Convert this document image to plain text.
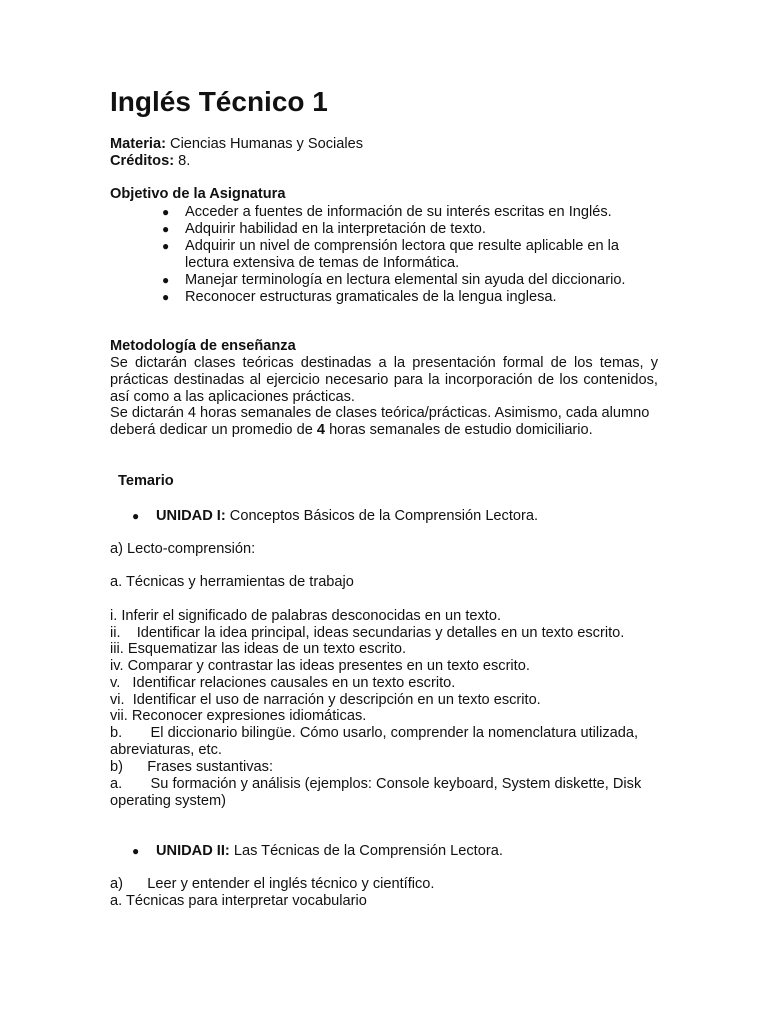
Inglés Técnico 1
Materia: Ciencias Humanas y Sociales
Créditos: 8.
Objetivo de la Asignatura
● Acceder a fuentes de información de su interés escritas en Inglés.
● Adquirir habilidad en la interpretación de texto.
● Adquirir un nivel de comprensión lectora que resulte aplicable en la lectura extensiva de temas de Informática.
● Manejar terminología en lectura elemental sin ayuda del diccionario.
● Reconocer estructuras gramaticales de la lengua inglesa.
Metodología de enseñanza

Se dictarán clases teóricas destinadas a la presentación formal de los temas, y prácticas destinadas al ejercicio necesario para la incorporación de los contenidos, así como a las aplicaciones prácticas.

Se dictarán 4 horas semanales de clases teórica/prácticas. Asimismo, cada alumno deberá dedicar un promedio de 4 horas semanales de estudio domiciliario.

Temario
● UNIDAD I: Conceptos Básicos de la Comprensión Lectora.
a) Lecto-comprensión:
a. Técnicas y herramientas de trabajo
i. Inferir el significado de palabras desconocidas en un texto.
ii.    Identificar la idea principal, ideas secundarias y detalles en un texto escrito.
iii. Esquematizar las ideas de un texto escrito.
iv. Comparar y contrastar las ideas presentes en un texto escrito.
v.   Identificar relaciones causales en un texto escrito.
vi.  Identificar el uso de narración y descripción en un texto escrito.
vii. Reconocer expresiones idiomáticas.
b.       El diccionario bilingüe. Cómo usarlo, comprender la nomenclatura utilizada, abreviaturas, etc.
b)      Frases sustantivas:
a.       Su formación y análisis (ejemplos: Console keyboard, System diskette, Disk operating system)
● UNIDAD II: Las Técnicas de la Comprensión Lectora.
a)      Leer y entender el inglés técnico y científico.
a. Técnicas para interpretar vocabulario
